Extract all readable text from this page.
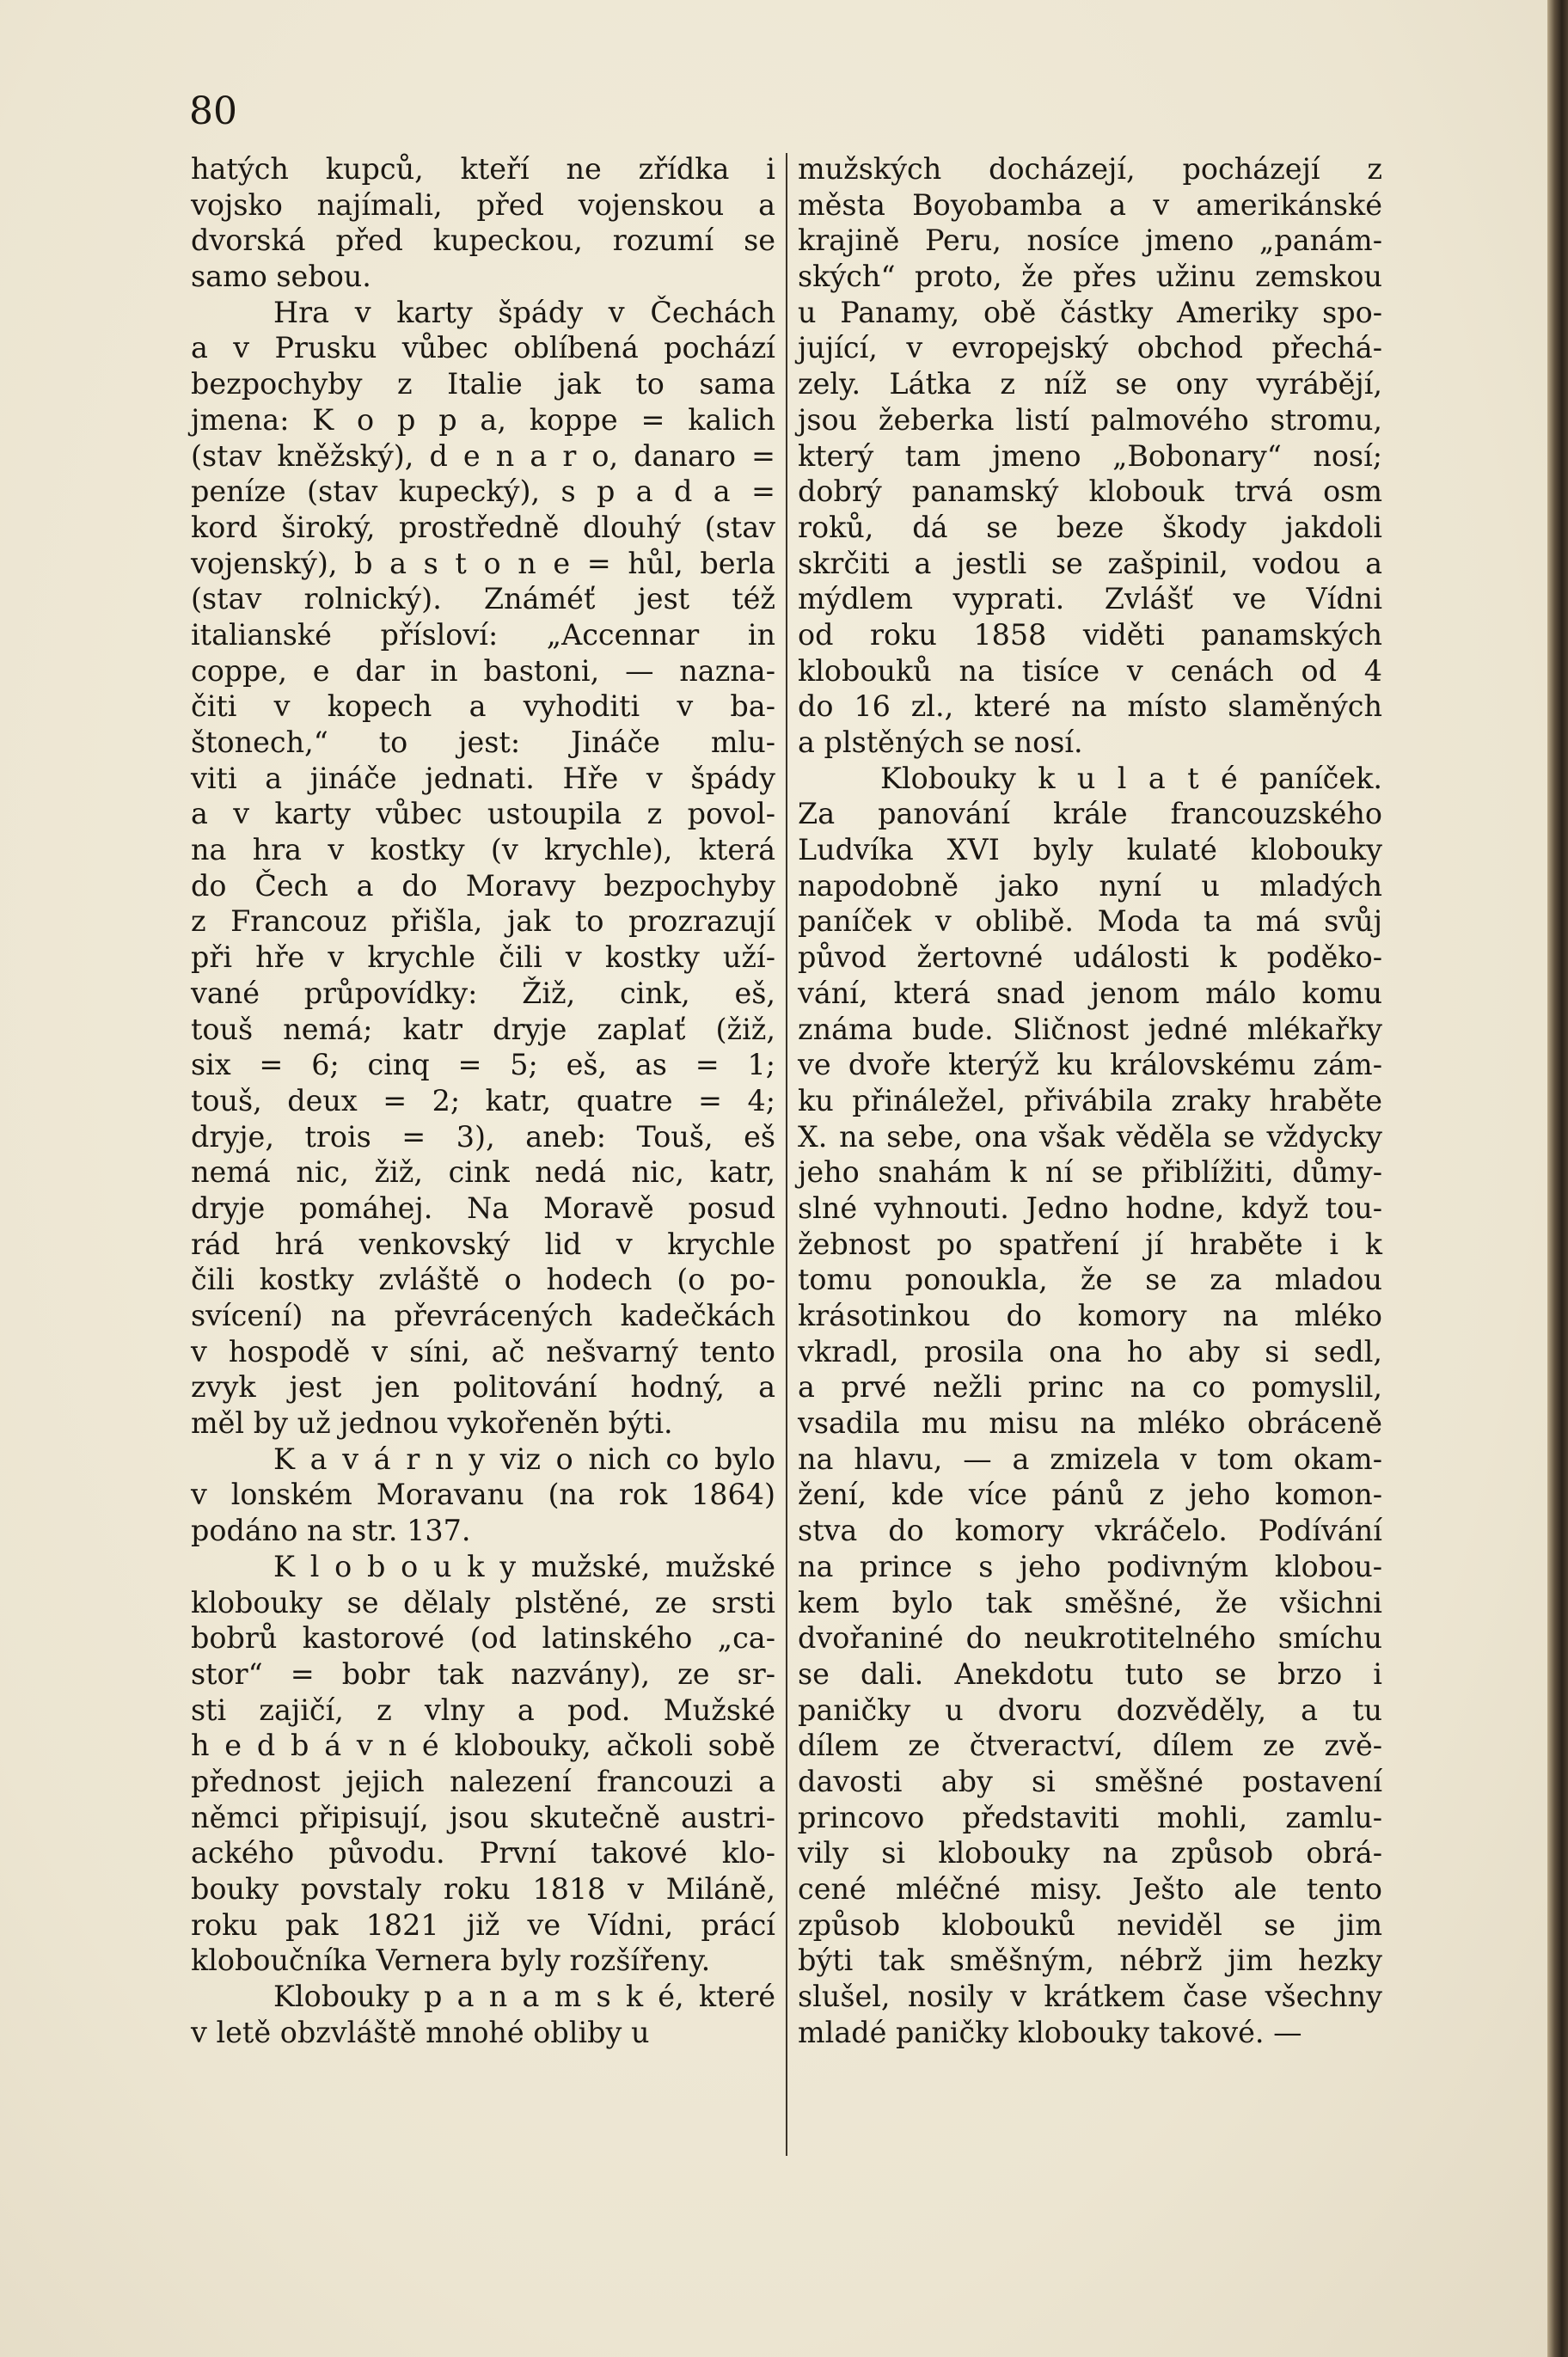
80
hatých kupců, kteří ne zřídka i
vojsko najímali, před vojenskou a
dvorská před kupeckou, rozumí se
samo sebou.
Hra v karty špády v Čechách
a v Prusku vůbec oblíbená pochází
bezpochyby z Italie jak to sama
jmena: K o p p a, koppe = kalich
(stav kněžský), d e n a r o, danaro =
peníze (stav kupecký), s p a d a =
kord široký, prostředně dlouhý (stav
vojenský), b a s t o n e = hůl, berla
(stav rolnický). Známéť jest též
italianské přísloví: „Accennar in
coppe, e dar in bastoni, — nazna-
čiti v kopech a vyhoditi v ba-
štonech,“ to jest: Jináče mlu-
viti a jináče jednati. Hře v špády
a v karty vůbec ustoupila z povol-
na hra v kostky (v krychle), která
do Čech a do Moravy bezpochyby
z Francouz přišla, jak to prozrazují
při hře v krychle čili v kostky uží-
vané průpovídky: Žiž, cink, eš,
touš nemá; katr dryje zaplať (žiž,
six = 6; cinq = 5; eš, as = 1;
touš, deux = 2; katr, quatre = 4;
dryje, trois = 3), aneb: Touš, eš
nemá nic, žiž, cink nedá nic, katr,
dryje pomáhej. Na Moravě posud
rád hrá venkovský lid v krychle
čili kostky zvláště o hodech (o po-
svícení) na převrácených kadečkách
v hospodě v síni, ač nešvarný tento
zvyk jest jen politování hodný, a
měl by už jednou vykořeněn býti.
K a v á r n y viz o nich co bylo
v lonském Moravanu (na rok 1864)
podáno na str. 137.
K l o b o u k y mužské, mužské
klobouky se dělaly plstěné, ze srsti
bobrů kastorové (od latinského „ca-
stor“ = bobr tak nazvány), ze sr-
sti zajičí, z vlny a pod. Mužské
h e d b á v n é klobouky, ačkoli sobě
přednost jejich nalezení francouzi a
němci připisují, jsou skutečně austri-
ackého původu. První takové klo-
bouky povstaly roku 1818 v Miláně,
roku pak 1821 již ve Vídni, prácí
kloboučníka Vernera byly rozšířeny.
Klobouky p a n a m s k é, které
v letě obzvláště mnohé obliby u
mužských docházejí, pocházejí z
města Boyobamba a v amerikánské
krajině Peru, nosíce jmeno „panám-
ských“ proto, že přes užinu zemskou
u Panamy, obě částky Ameriky spo-
jující, v evropejský obchod přechá-
zely. Látka z níž se ony vyrábějí,
jsou žeberka listí palmového stromu,
který tam jmeno „Bobonary“ nosí;
dobrý panamský klobouk trvá osm
roků, dá se beze škody jakdoli
skrčiti a jestli se zašpinil, vodou a
mýdlem vyprati. Zvlášť ve Vídni
od roku 1858 viděti panamských
klobouků na tisíce v cenách od 4
do 16 zl., které na místo slaměných
a plstěných se nosí.
Klobouky k u l a t é paníček.
Za panování krále francouzského
Ludvíka XVI byly kulaté klobouky
napodobně jako nyní u mladých
paníček v oblibě. Moda ta má svůj
původ žertovné události k poděko-
vání, která snad jenom málo komu
známa bude. Sličnost jedné mlékařky
ve dvoře kterýž ku královskému zám-
ku přináležel, přivábila zraky hraběte
X. na sebe, ona však věděla se vždycky
jeho snahám k ní se přiblížiti, důmy-
slné vyhnouti. Jedno hodne, když tou-
žebnost po spatření jí hraběte i k
tomu ponoukla, že se za mladou
krásotinkou do komory na mléko
vkradl, prosila ona ho aby si sedl,
a prvé nežli princ na co pomyslil,
vsadila mu misu na mléko obráceně
na hlavu, — a zmizela v tom okam-
žení, kde více pánů z jeho komon-
stva do komory vkráčelo. Podívání
na prince s jeho podivným klobou-
kem bylo tak směšné, že všichni
dvořaniné do neukrotitelného smíchu
se dali. Anekdotu tuto se brzo i
paničky u dvoru dozvěděly, a tu
dílem ze čtveractví, dílem ze zvě-
davosti aby si směšné postavení
princovo představiti mohli, zamlu-
vily si klobouky na způsob obrá-
cené mléčné misy. Ješto ale tento
způsob klobouků neviděl se jim
býti tak směšným, nébrž jim hezky
slušel, nosily v krátkem čase všechny
mladé paničky klobouky takové. —
